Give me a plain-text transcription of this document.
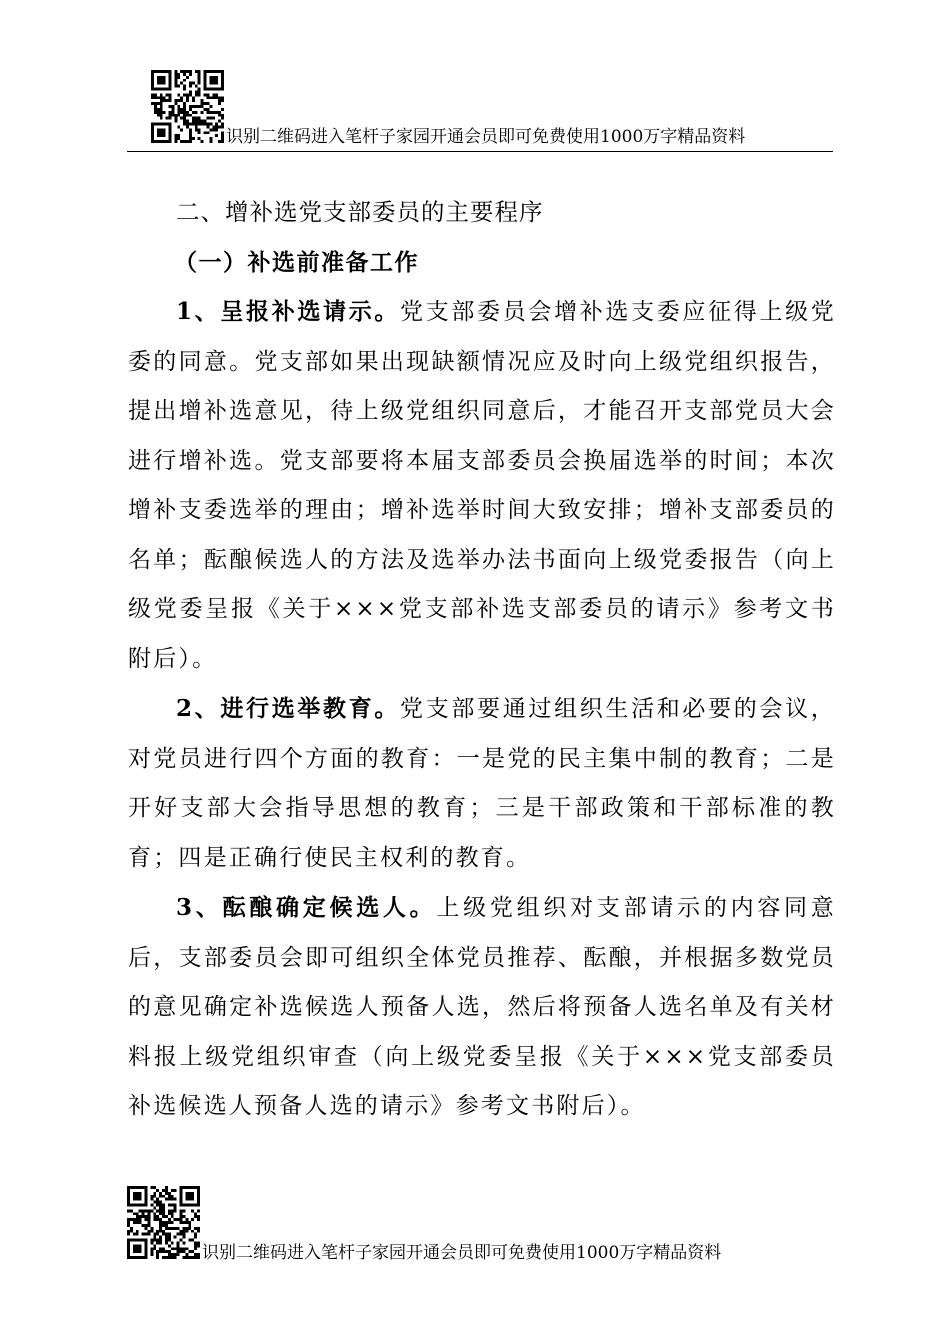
识别二维码进入笔杆子家园开通会员即可免费使用1000万字精品资料

二、增补选党支部委员的主要程序

（一）补选前准备工作

1、呈报补选请示。党支部委员会增补选支委应征得上级党委的同意。党支部如果出现缺额情况应及时向上级党组织报告，提出增补选意见，待上级党组织同意后，才能召开支部党员大会进行增补选。党支部要将本届支部委员会换届选举的时间；本次增补支委选举的理由；增补选举时间大致安排；增补支部委员的名单；酝酿候选人的方法及选举办法书面向上级党委报告（向上级党委呈报《关于×××党支部补选支部委员的请示》参考文书附后）。

2、进行选举教育。党支部要通过组织生活和必要的会议，对党员进行四个方面的教育：一是党的民主集中制的教育；二是开好支部大会指导思想的教育；三是干部政策和干部标准的教育；四是正确行使民主权利的教育。

3、酝酿确定候选人。上级党组织对支部请示的内容同意后，支部委员会即可组织全体党员推荐、酝酿，并根据多数党员的意见确定补选候选人预备人选，然后将预备人选名单及有关材料报上级党组织审查（向上级党委呈报《关于×××党支部委员补选候选人预备人选的请示》参考文书附后）。

识别二维码进入笔杆子家园开通会员即可免费使用1000万字精品资料
